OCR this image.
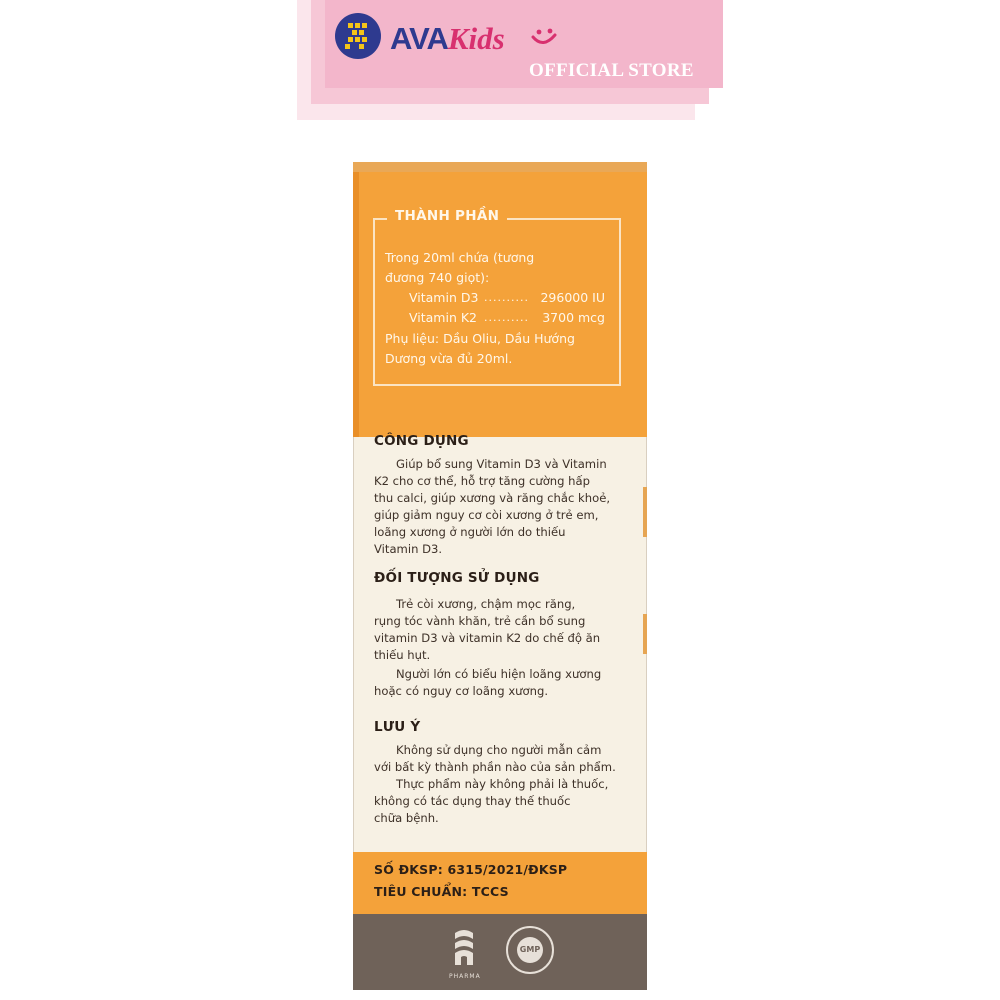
AVAKids
OFFICIAL STORE
THÀNH PHẦN
Trong 20ml chứa (tương
đương 740 giọt):
Vitamin D3 .......... 296000 IU
Vitamin K2 ..........	3700 mcg
Phụ liệu: Dầu Oliu, Dầu Hướng
Dương vừa đủ 20ml.
CÔNG DỤNG
Giúp bổ sung Vitamin D3 và Vitamin
K2 cho cơ thể, hỗ trợ tăng cường hấp
thu calci, giúp xương và răng chắc khoẻ,
giúp giảm nguy cơ còi xương ở trẻ em,
loãng xương ở người lớn do thiếu
Vitamin D3.
ĐỐI TƯỢNG SỬ DỤNG
Trẻ còi xương, chậm mọc răng,
rụng tóc vành khăn, trẻ cần bổ sung
vitamin D3 và vitamin K2 do chế độ ăn
thiếu hụt.
Người lớn có biểu hiện loãng xương
hoặc có nguy cơ loãng xương.
LƯU Ý
Không sử dụng cho người mẫn cảm
với bất kỳ thành phần nào của sản phẩm.
Thực phẩm này không phải là thuốc,
không có tác dụng thay thế thuốc
chữa bệnh.
SỐ ĐKSP: 6315/2021/ĐKSP
TIÊU CHUẨN: TCCS
PHARMA
GMP
